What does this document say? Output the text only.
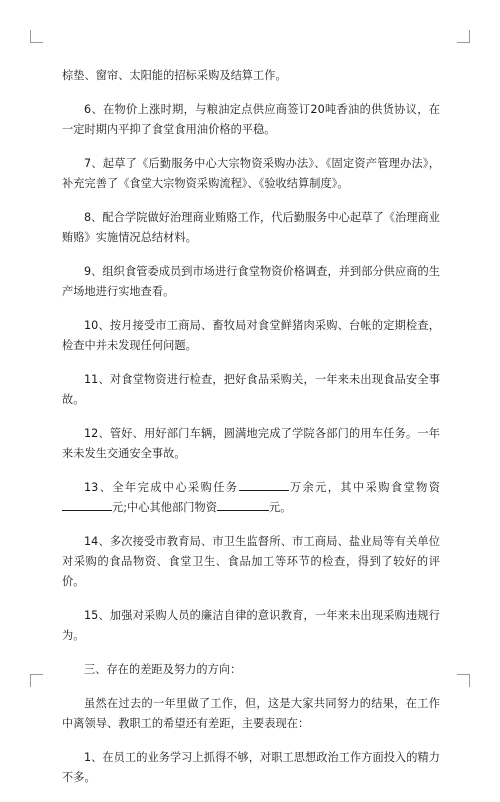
棕垫、窗帘、太阳能的招标采购及结算工作。

6、在物价上涨时期，与粮油定点供应商签订20吨香油的供货协议，在一定时期内平抑了食堂食用油价格的平稳。

7、起草了《后勤服务中心大宗物资采购办法》、《固定资产管理办法》，补充完善了《食堂大宗物资采购流程》、《验收结算制度》。

8、配合学院做好治理商业贿赂工作，代后勤服务中心起草了《治理商业贿赂》实施情况总结材料。

9、组织食管委成员到市场进行食堂物资价格调查，并到部分供应商的生产场地进行实地查看。

10、按月接受市工商局、畜牧局对食堂鲜猪肉采购、台帐的定期检查，检查中并未发现任何问题。

11、对食堂物资进行检查，把好食品采购关，一年来未出现食品安全事故。

12、管好、用好部门车辆，圆满地完成了学院各部门的用车任务。一年来未发生交通安全事故。

13、全年完成中心采购任务	万余元，其中采购食堂物资元;中心其他部门物资	元。

14、多次接受市教育局、市卫生监督所、市工商局、盐业局等有关单位对采购的食品物资、食堂卫生、食品加工等环节的检查，得到了较好的评价。

15、加强对采购人员的廉洁自律的意识教育，一年来未出现采购违规行为。

三、存在的差距及努力的方向：

虽然在过去的一年里做了工作，但，这是大家共同努力的结果，在工作中离领导、教职工的希望还有差距，主要表现在：

1、在员工的业务学习上抓得不够，对职工思想政治工作方面投入的精力不多。
